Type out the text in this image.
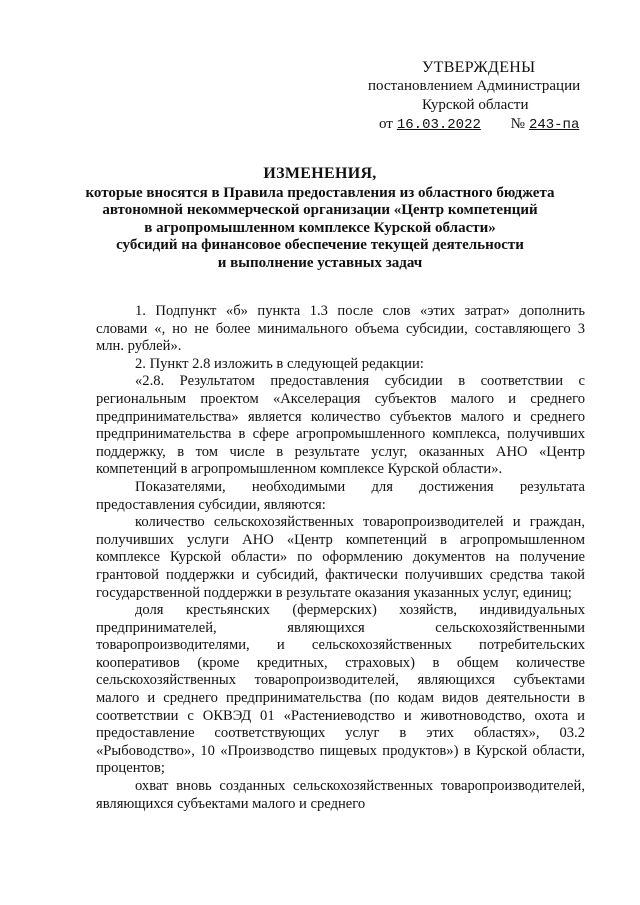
УТВЕРЖДЕНЫ
постановлением Администрации
Курской области
от 16.03.2022 № 243-па
ИЗМЕНЕНИЯ,
которые вносятся в Правила предоставления из областного бюджета
автономной некоммерческой организации «Центр компетенций
в агропромышленном комплексе Курской области»
субсидий на финансовое обеспечение текущей деятельности
и выполнение уставных задач

1. Подпункт «б» пункта 1.3 после слов «этих затрат» дополнить словами «, но не более минимального объема субсидии, составляющего 3 млн. рублей».

2. Пункт 2.8 изложить в следующей редакции:

«2.8. Результатом предоставления субсидии в соответствии с региональным проектом «Акселерация субъектов малого и среднего предпринимательства» является количество субъектов малого и среднего предпринимательства в сфере агропромышленного комплекса, получивших поддержку, в том числе в результате услуг, оказанных АНО «Центр компетенций в агропромышленном комплексе Курской области».

Показателями, необходимыми для достижения результата предоставления субсидии, являются:

количество сельскохозяйственных товаропроизводителей и граждан, получивших услуги АНО «Центр компетенций в агропромышленном комплексе Курской области» по оформлению документов на получение грантовой поддержки и субсидий, фактически получивших средства такой государственной поддержки в результате оказания указанных услуг, единиц;

доля крестьянских (фермерских) хозяйств, индивидуальных предпринимателей, являющихся сельскохозяйственными товаропроизводителями, и сельскохозяйственных потребительских кооперативов (кроме кредитных, страховых) в общем количестве сельскохозяйственных товаропроизводителей, являющихся субъектами малого и среднего предпринимательства (по кодам видов деятельности в соответствии с ОКВЭД 01 «Растениеводство и животноводство, охота и предоставление соответствующих услуг в этих областях», 03.2 «Рыбоводство», 10 «Производство пищевых продуктов») в Курской области, процентов;

охват вновь созданных сельскохозяйственных товаропроизводителей, являющихся субъектами малого и среднего
